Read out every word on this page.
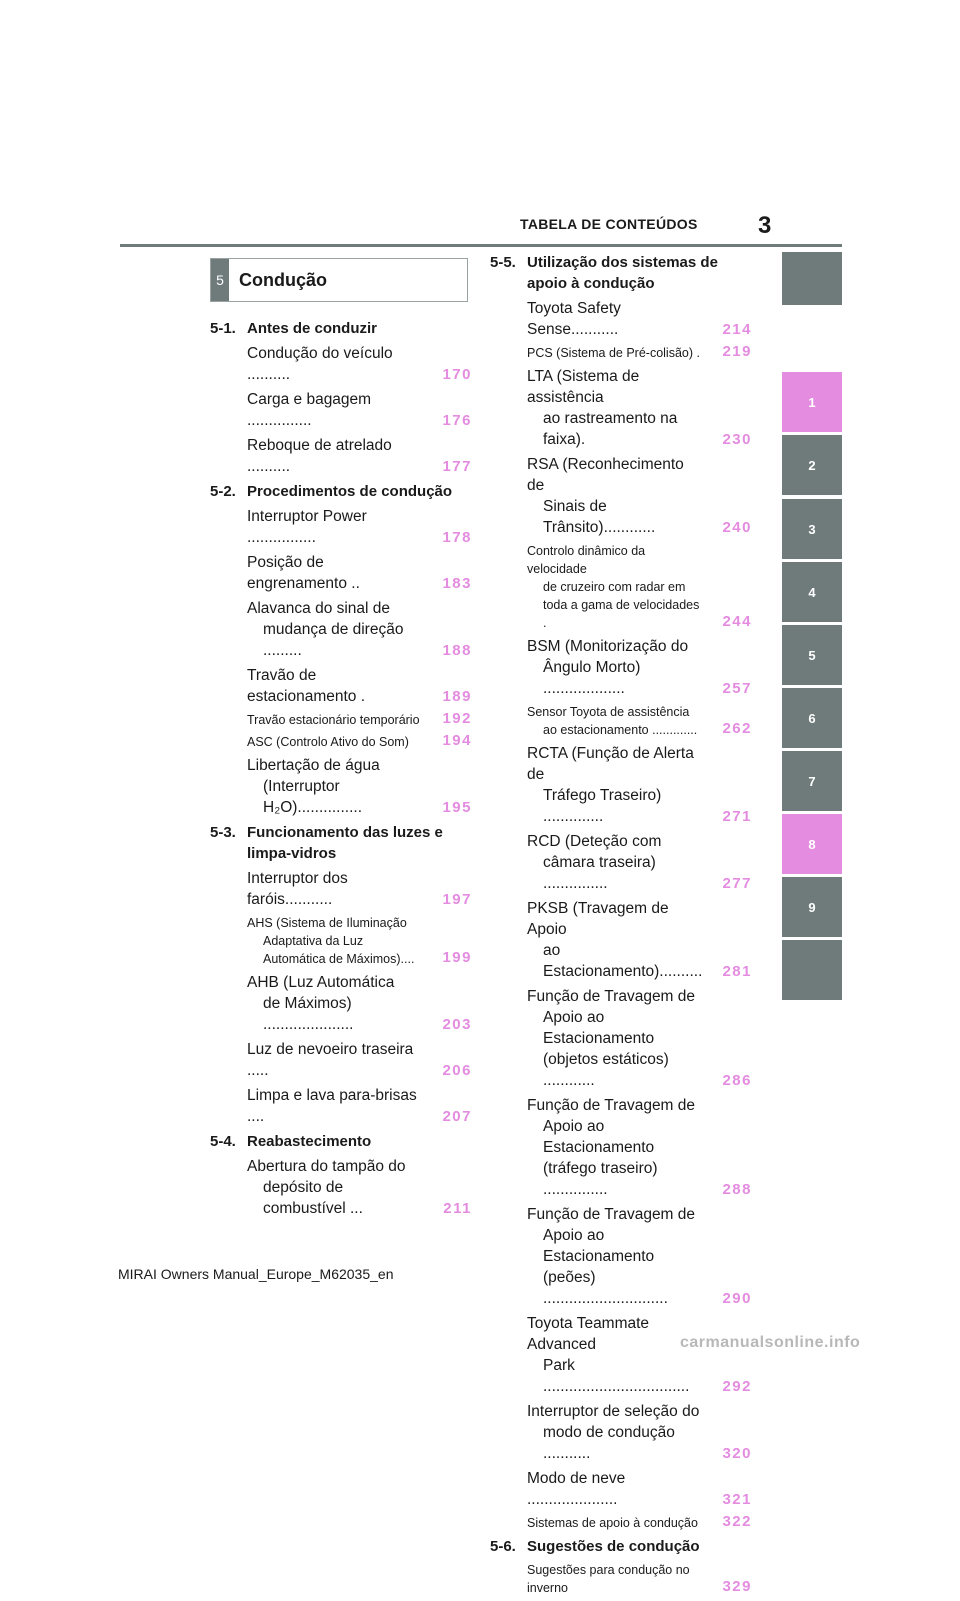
TABELA DE CONTEÚDOS	3
5 Condução
5-1. Antes de conduzir
Condução do veículo ..........	170
Carga e bagagem ...............	176
Reboque de atrelado ..........	177
5-2. Procedimentos de condução
Interruptor Power ................	178
Posição de engrenamento ..	183
Alavanca do sinal de
mudança de direção .........	188
Travão de estacionamento .	189
Travão estacionário temporário 192
ASC (Controlo Ativo do Som)	194
Libertação de água
(Interruptor H₂O)...............	195
5-3. Funcionamento das luzes e limpa-vidros
Interruptor dos faróis...........	197
AHS (Sistema de Iluminação
Adaptativa da Luz
Automática de Máximos)....	199
AHB (Luz Automática
de Máximos) .....................	203
Luz de nevoeiro traseira .....	206
Limpa e lava para-brisas ....	207
5-4. Reabastecimento
Abertura do tampão do
depósito de combustível ...	211
5-5. Utilização dos sistemas de apoio à condução
Toyota Safety Sense...........	214
PCS (Sistema de Pré-colisão) . 219
LTA (Sistema de assistência
ao rastreamento na faixa).	230
RSA (Reconhecimento de
Sinais de Trânsito)............	240
Controlo dinâmico da velocidade
de cruzeiro com radar em
toda a gama de velocidades .	244
BSM (Monitorização do
Ângulo Morto) ...................	257
Sensor Toyota de assistência
ao estacionamento .............	262
RCTA (Função de Alerta de
Tráfego Traseiro) ..............	271
RCD (Deteção com
câmara traseira) ...............	277
PKSB (Travagem de Apoio
ao Estacionamento).......... 281
Função de Travagem de
Apoio ao Estacionamento
(objetos estáticos) ............	286
Função de Travagem de
Apoio ao Estacionamento
(tráfego traseiro) ...............	288
Função de Travagem de
Apoio ao Estacionamento
(peões) .............................	290
Toyota Teammate Advanced
Park ..................................	292
Interruptor de seleção do
modo de condução ...........	320
Modo de neve .....................	321
Sistemas de apoio à condução	322
5-6. Sugestões de condução
Sugestões para condução no inverno	329
1
2
3
4
5
6
7
8
9
MIRAI Owners Manual_Europe_M62035_en
carmanualsonline.info
